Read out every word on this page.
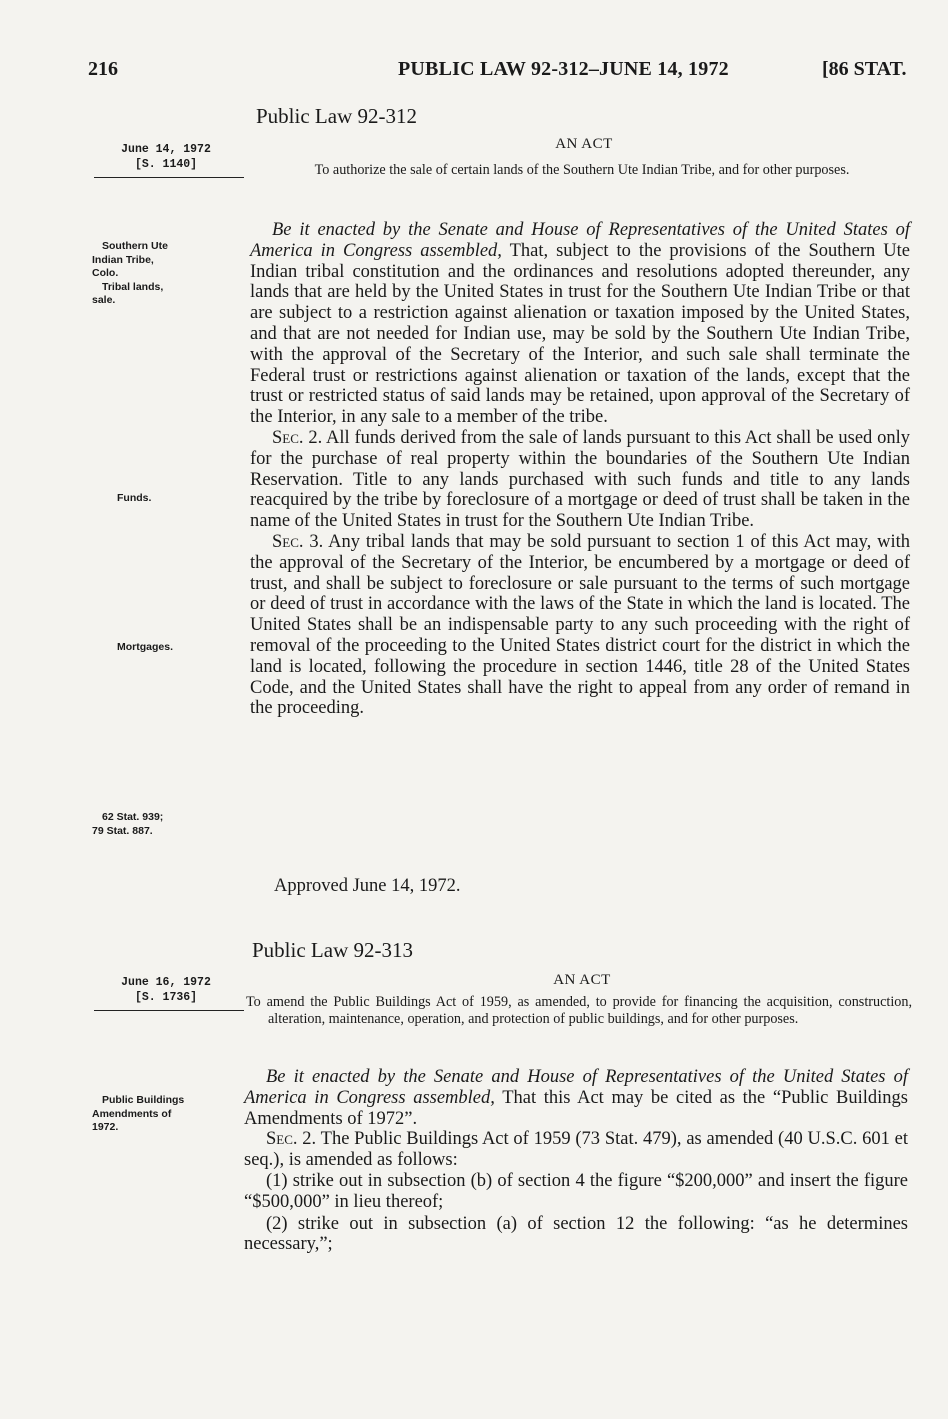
216	PUBLIC LAW 92-312–JUNE 14, 1972	[86 STAT.
Public Law 92-312
June 14, 1972
[S. 1140]
AN ACT
To authorize the sale of certain lands of the Southern Ute Indian Tribe, and for other purposes.
Southern Ute
Indian Tribe,
Colo.
Tribal lands,
sale.
Funds.
Mortgages.
62 Stat. 939;
79 Stat. 887.

Be it enacted by the Senate and House of Representatives of the United States of America in Congress assembled, That, subject to the provisions of the Southern Ute Indian tribal constitution and the ordinances and resolutions adopted thereunder, any lands that are held by the United States in trust for the Southern Ute Indian Tribe or that are subject to a restriction against alienation or taxation imposed by the United States, and that are not needed for Indian use, may be sold by the Southern Ute Indian Tribe, with the approval of the Secretary of the Interior, and such sale shall terminate the Federal trust or restrictions against alienation or taxation of the lands, except that the trust or restricted status of said lands may be retained, upon approval of the Secretary of the Interior, in any sale to a member of the tribe.

Sec. 2. All funds derived from the sale of lands pursuant to this Act shall be used only for the purchase of real property within the boundaries of the Southern Ute Indian Reservation. Title to any lands purchased with such funds and title to any lands reacquired by the tribe by foreclosure of a mortgage or deed of trust shall be taken in the name of the United States in trust for the Southern Ute Indian Tribe.

Sec. 3. Any tribal lands that may be sold pursuant to section 1 of this Act may, with the approval of the Secretary of the Interior, be encumbered by a mortgage or deed of trust, and shall be subject to foreclosure or sale pursuant to the terms of such mortgage or deed of trust in accordance with the laws of the State in which the land is located. The United States shall be an indispensable party to any such proceeding with the right of removal of the proceeding to the United States district court for the district in which the land is located, following the procedure in section 1446, title 28 of the United States Code, and the United States shall have the right to appeal from any order of remand in the proceeding.

Approved June 14, 1972.
Public Law 92-313
June 16, 1972
[S. 1736]
AN ACT
To amend the Public Buildings Act of 1959, as amended, to provide for financing the acquisition, construction, alteration, maintenance, operation, and protection of public buildings, and for other purposes.
Public Buildings
Amendments of
1972.

Be it enacted by the Senate and House of Representatives of the United States of America in Congress assembled, That this Act may be cited as the “Public Buildings Amendments of 1972”.

Sec. 2. The Public Buildings Act of 1959 (73 Stat. 479), as amended (40 U.S.C. 601 et seq.), is amended as follows:

(1) strike out in subsection (b) of section 4 the figure “$200,000” and insert the figure “$500,000” in lieu thereof;

(2) strike out in subsection (a) of section 12 the following: “as he determines necessary,”;
